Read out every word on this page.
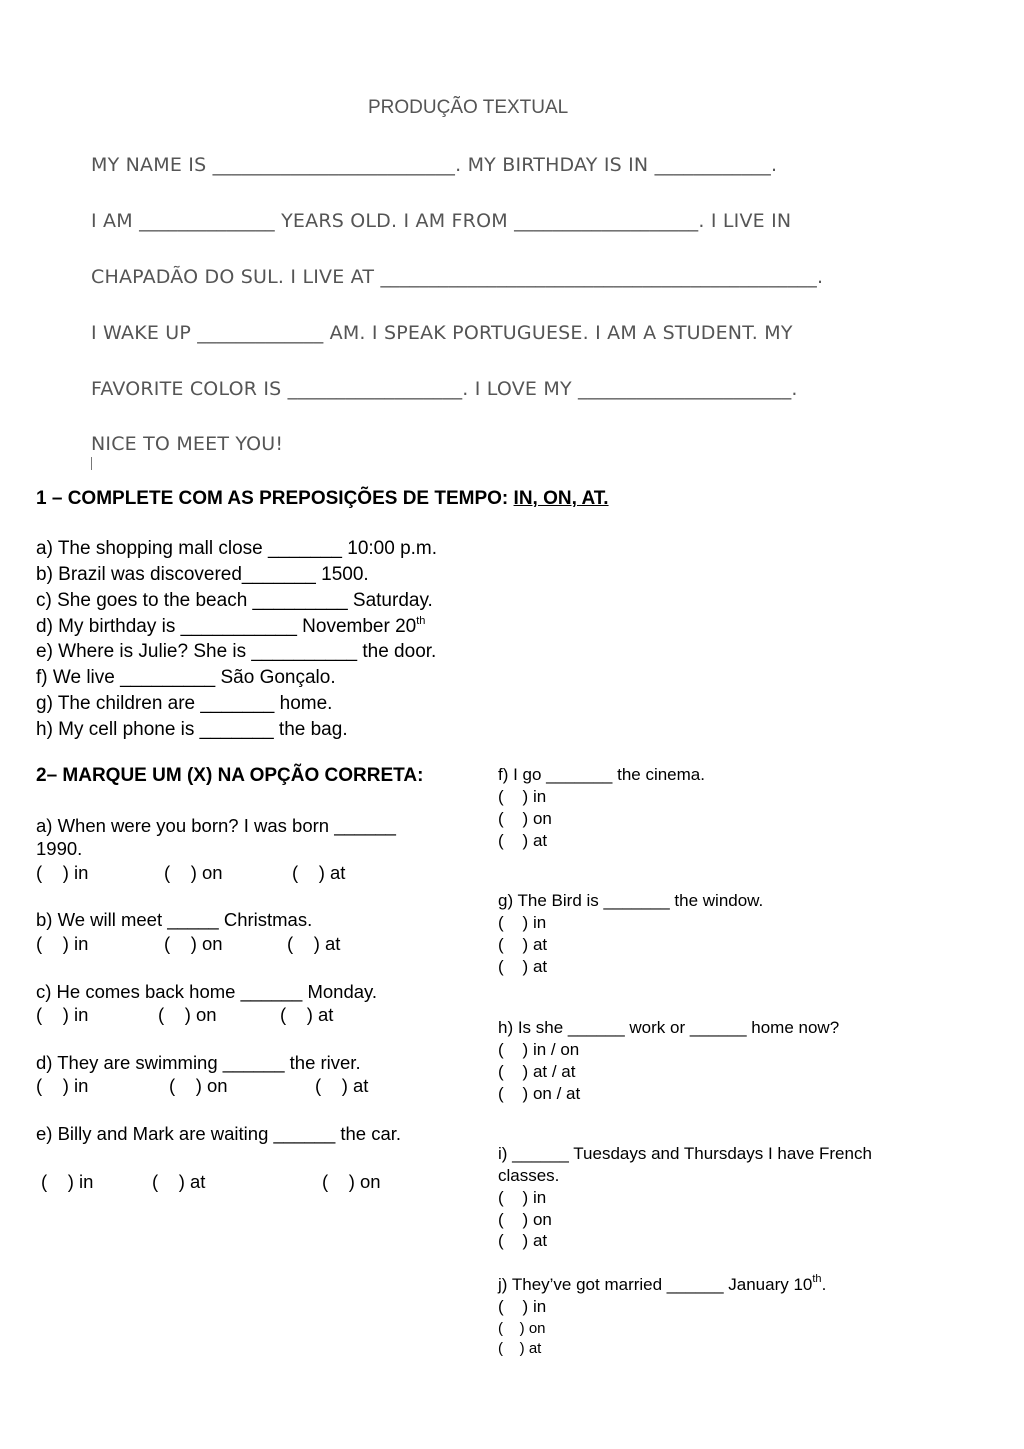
PRODUÇÃO TEXTUAL
MY NAME IS _________________________. MY BIRTHDAY IS IN ____________.
I AM ______________ YEARS OLD. I AM FROM ___________________. I LIVE IN
CHAPADÃO DO SUL. I LIVE AT _____________________________________________.
I WAKE UP _____________ AM. I SPEAK PORTUGUESE. I AM A STUDENT. MY
FAVORITE COLOR IS __________________. I LOVE MY ______________________.
NICE TO MEET YOU!
1 – COMPLETE COM AS PREPOSIÇÕES DE TEMPO: IN, ON, AT.
a) The shopping mall close _______ 10:00 p.m.
b) Brazil was discovered_______ 1500.
c) She goes to the beach _________ Saturday.
d) My birthday is ___________ November 20th
e) Where is Julie? She is __________ the door.
f) We live _________ São Gonçalo.
g) The children are _______ home.
h) My cell phone is _______ the bag.
2– MARQUE UM (X) NA OPÇÃO CORRETA:
a) When were you born? I was born ______
1990.
(    ) in	(    ) on	(    ) at
b) We will meet _____ Christmas.
(    ) in	(    ) on	(    ) at
c) He comes back home ______ Monday.
(    ) in	(    ) on	(    ) at
d) They are swimming ______ the river.
(    ) in	(    ) on	(    ) at
e) Billy and Mark are waiting ______ the car.
(    ) in	(    ) at	(    ) on
f) I go _______ the cinema.
(    ) in
(    ) on
(    ) at
g) The Bird is _______ the window.
(    ) in
(    ) at
(    ) at
h) Is she ______ work or ______ home now?
(    ) in / on
(    ) at / at
(    ) on / at
i) ______ Tuesdays and Thursdays I have French
classes.
(    ) in
(    ) on
(    ) at
j) They’ve got married ______ January 10th.
(    ) in
(    ) on
(    ) at
